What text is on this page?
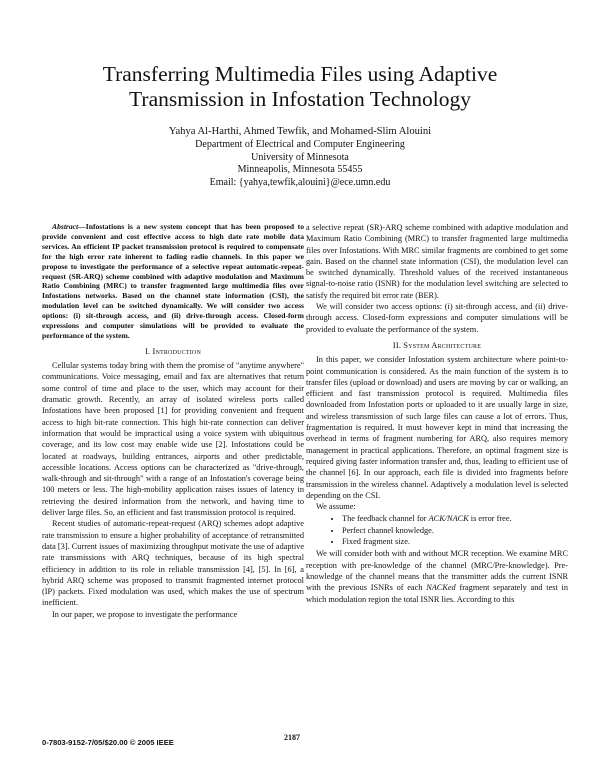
Transferring Multimedia Files using Adaptive
Transmission in Infostation Technology
Yahya Al-Harthi, Ahmed Tewfik, and Mohamed-Slim Alouini
Department of Electrical and Computer Engineering
University of Minnesota
Minneapolis, Minnesota 55455
Email: {yahya,tewfik,alouini}@ece.umn.edu

Abstract—Infostations is a new system concept that has been proposed to provide convenient and cost effective access to high date rate mobile data services. An efficient IP packet transmission protocol is required to compensate for the high error rate inherent to fading radio channels. In this paper we propose to investigate the performance of a selective repeat automatic-repeat-request (SR-ARQ) scheme combined with adaptive modulation and Maximum Ratio Combining (MRC) to transfer fragmented large multimedia files over Infostations networks. Based on the channel state information (CSI), the modulation level can be switched dynamically. We will consider two access options: (i) sit-through access, and (ii) drive-through access. Closed-form expressions and computer simulations will be provided to evaluate the performance of the system.

I. Introduction

Cellular systems today bring with them the promise of "anytime anywhere" communications. Voice messaging, email and fax are alternatives that return some control of time and place to the user, which may account for their dramatic growth. Recently, an array of isolated wireless ports called Infostations have been proposed [1] for providing convenient and frequent access to high bit-rate connection. This high bit-rate connection can deliver information that would be impractical using a voice system with ubiquitous coverage, and its low cost may enable wide use [2]. Infostations could be located at roadways, building entrances, airports and other predictable, accessible locations. Access options can be characterized as "drive-through, walk-through and sit-through" with a range of an Infostation's coverage being 100 meters or less. The high-mobility application raises issues of latency in retrieving the desired information from the network, and having time to deliver large files. So, an efficient and fast transmission protocol is required.

Recent studies of automatic-repeat-request (ARQ) schemes adopt adaptive rate transmission to ensure a higher probability of acceptance of retransmitted data [3]. Current issues of maximizing throughput motivate the use of adaptive rate transmissions with ARQ techniques, because of its high spectral efficiency in addition to its role in reliable transmission [4], [5]. In [6], a hybrid ARQ scheme was proposed to transmit fragmented internet protocol (IP) packets. Fixed modulation was used, which makes the use of spectrum inefficient.

In our paper, we propose to investigate the performance

a selective repeat (SR)-ARQ scheme combined with adaptive modulation and Maximum Ratio Combining (MRC) to transfer fragmented large multimedia files over Infostations. With MRC similar fragments are combined to get some gain. Based on the channel state information (CSI), the modulation level can be switched dynamically. Threshold values of the received instantaneous signal-to-noise ratio (ISNR) for the modulation level switching are selected to satisfy the required bit error rate (BER).

We will consider two access options: (i) sit-through access, and (ii) drive-through access. Closed-form expressions and computer simulations will be provided to evaluate the performance of the system.

II. System Architecture

In this paper, we consider Infostation system architecture where point-to-point communication is considered. As the main function of the system is to transfer files (upload or download) and users are moving by car or walking, an efficient and fast transmission protocol is required. Multimedia files downloaded from Infostation ports or uploaded to it are usually large in size, and wireless transmission of such large files can cause a lot of errors. Thus, fragmentation is required. It must however kept in mind that increasing the overhead in terms of fragment numbering for ARQ, also requires memory management in practical applications. Therefore, an optimal fragment size is required giving faster information transfer and, thus, leading to efficient use of the channel [6]. In our approach, each file is divided into fragments before transmission in the wireless channel. Adaptively a modulation level is selected depending on the CSI.

We assume:

• The feedback channel for ACK/NACK is error free.
• Perfect channel knowledge.
• Fixed fragment size.

We will consider both with and without MCR reception. We examine MRC reception with pre-knowledge of the channel (MRC/Pre-knowledge). Pre-knowledge of the channel means that the transmitter adds the current ISNR with the previous ISNRs of each NACKed fragment separately and test in which modulation region the total ISNR lies. According to this

0-7803-9152-7/05/$20.00 © 2005 IEEE
2187
